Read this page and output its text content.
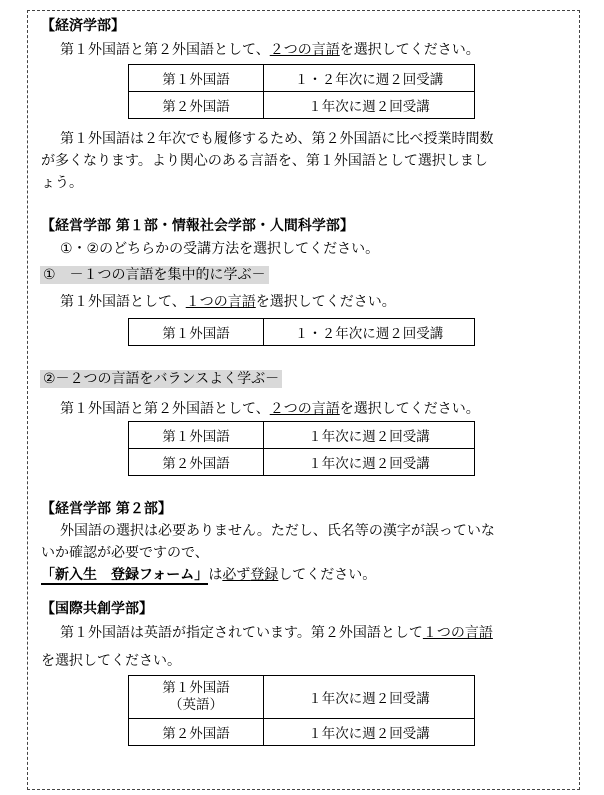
【経済学部】
第１外国語と第２外国語として、２つの言語を選択してください。
第１外国語	１・２年次に週２回受講
第２外国語	１年次に週２回受講
第１外国語は２年次でも履修するため、第２外国語に比べ授業時間数
が多くなります。より関心のある言語を、第１外国語として選択しまし
ょう。
【経営学部 第１部・情報社会学部・人間科学部】
①・②のどちらかの受講方法を選択してください。
①　－１つの言語を集中的に学ぶ－
第１外国語として、１つの言語を選択してください。
第１外国語	１・２年次に週２回受講
②－２つの言語をバランスよく学ぶ－
第１外国語と第２外国語として、２つの言語を選択してください。
第１外国語	１年次に週２回受講
第２外国語	１年次に週２回受講
【経営学部 第２部】
外国語の選択は必要ありません。ただし、氏名等の漢字が誤っていな
いか確認が必要ですので、
「新入生　登録フォーム」は必ず登録してください。
【国際共創学部】
第１外国語は英語が指定されています。第２外国語として１つの言語
を選択してください。
第１外国語
（英語）	１年次に週２回受講
第２外国語	１年次に週２回受講
